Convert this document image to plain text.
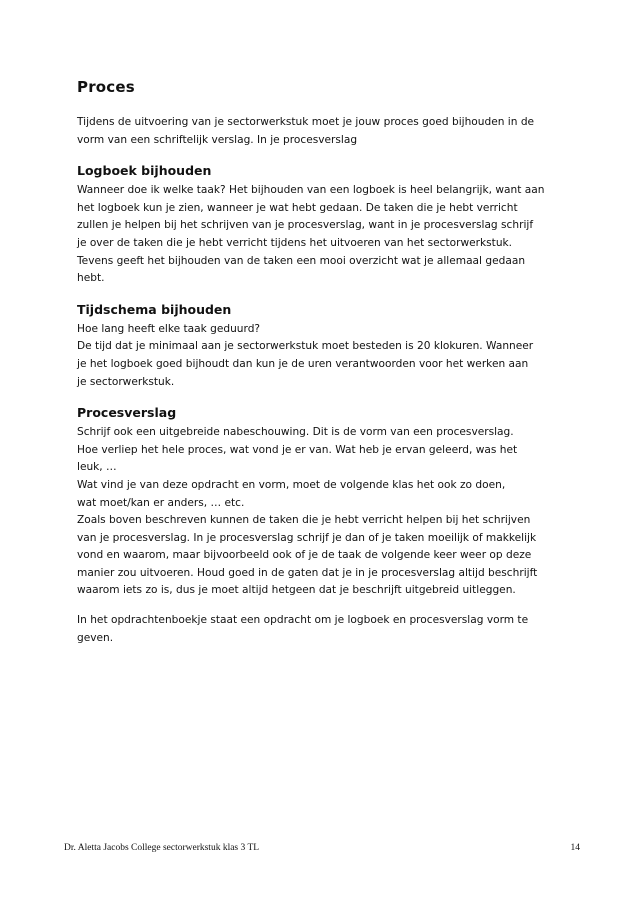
Proces

Tijdens de uitvoering van je sectorwerkstuk moet je jouw proces goed bijhouden in de
vorm van een schriftelijk verslag. In je procesverslag

Logboek bijhouden

Wanneer doe ik welke taak? Het bijhouden van een logboek is heel belangrijk, want aan
het logboek kun je zien, wanneer je wat hebt gedaan. De taken die je hebt verricht
zullen je helpen bij het schrijven van je procesverslag, want in je procesverslag schrijf
je over de taken die je hebt verricht tijdens het uitvoeren van het sectorwerkstuk.
Tevens geeft het bijhouden van de taken een mooi overzicht wat je allemaal gedaan
hebt.

Tijdschema bijhouden

Hoe lang heeft elke taak geduurd?
De tijd dat je minimaal aan je sectorwerkstuk moet besteden is 20 klokuren. Wanneer
je het logboek goed bijhoudt dan kun je de uren verantwoorden voor het werken aan
je sectorwerkstuk.

Procesverslag

Schrijf ook een uitgebreide nabeschouwing. Dit is de vorm van een procesverslag.
Hoe verliep het hele proces, wat vond je er van. Wat heb je ervan geleerd, was het
leuk, …
Wat vind je van deze opdracht en vorm, moet de volgende klas het ook zo doen,
wat moet/kan er anders, … etc.
Zoals boven beschreven kunnen de taken die je hebt verricht helpen bij het schrijven
van je procesverslag. In je procesverslag schrijf je dan of je taken moeilijk of makkelijk
vond en waarom, maar bijvoorbeeld ook of je de taak de volgende keer weer op deze
manier zou uitvoeren. Houd goed in de gaten dat je in je procesverslag altijd beschrijft
waarom iets zo is, dus je moet altijd hetgeen dat je beschrijft uitgebreid uitleggen.

In het opdrachtenboekje staat een opdracht om je logboek en procesverslag vorm te
geven.

Dr. Aletta Jacobs College sectorwerkstuk klas 3 TL	14
